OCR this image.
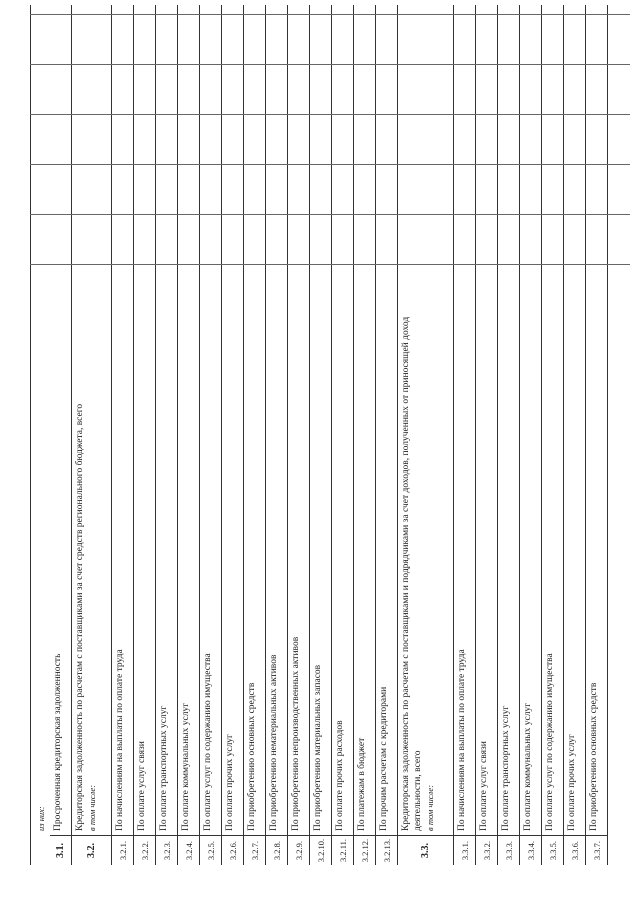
из них:
3.1.
Просроченная кредиторская задолженность
3.2.
Кредиторская задолженность по расчетам с поставщиками за счет средств регионального бюджета, всего в том числе:
3.2.1.
По начислениям на выплаты по оплате труда
3.2.2.
По оплате услуг связи
3.2.3.
По оплате транспортных услуг
3.2.4.
По оплате коммунальных услуг
3.2.5.
По оплате услуг по содержанию имущества
3.2.6.
По оплате прочих услуг
3.2.7.
По приобретению основных средств
3.2.8.
По приобретению нематериальных активов
3.2.9.
По приобретению непроизводственных активов
3.2.10.
По приобретению материальных запасов
3.2.11.
По оплате прочих расходов
3.2.12.
По платежам в бюджет
3.2.13.
По прочим расчетам с кредиторами
3.3.
Кредиторская задолженность по расчетам с поставщиками и подрядчиками за счет доходов, полученных от приносящей доход деятельности, всего в том числе:
3.3.1.
По начислениям на выплаты по оплате труда
3.3.2.
По оплате услуг связи
3.3.3.
По оплате транспортных услуг
3.3.4.
По оплате коммунальных услуг
3.3.5.
По оплате услуг по содержанию имущества
3.3.6.
По оплате прочих услуг
3.3.7.
По приобретению основных средств
